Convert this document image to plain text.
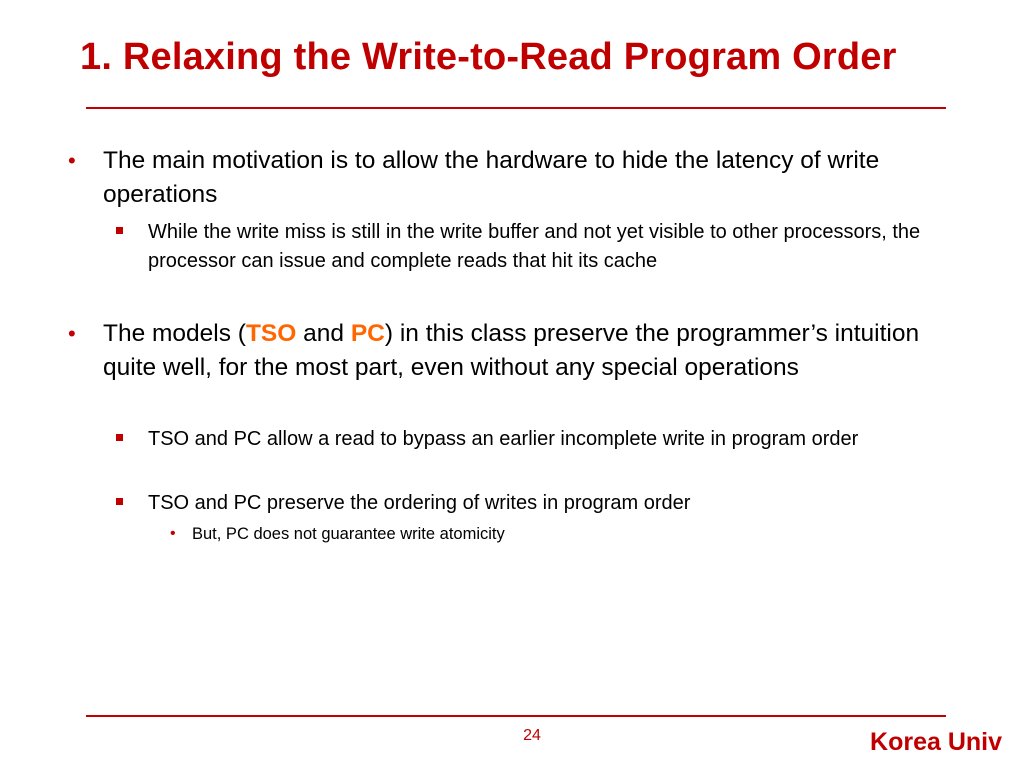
1. Relaxing the Write-to-Read Program Order
• The main motivation is to allow the hardware to hide the latency of write operations
While the write miss is still in the write buffer and not yet visible to other processors, the processor can issue and complete reads that hit its cache
• The models (TSO and PC) in this class preserve the programmer’s intuition quite well, for the most part, even without any special operations
TSO and PC allow a read to bypass an earlier incomplete write in program order
TSO and PC preserve the ordering of writes in program order
• But, PC does not guarantee write atomicity
24	Korea Univ
